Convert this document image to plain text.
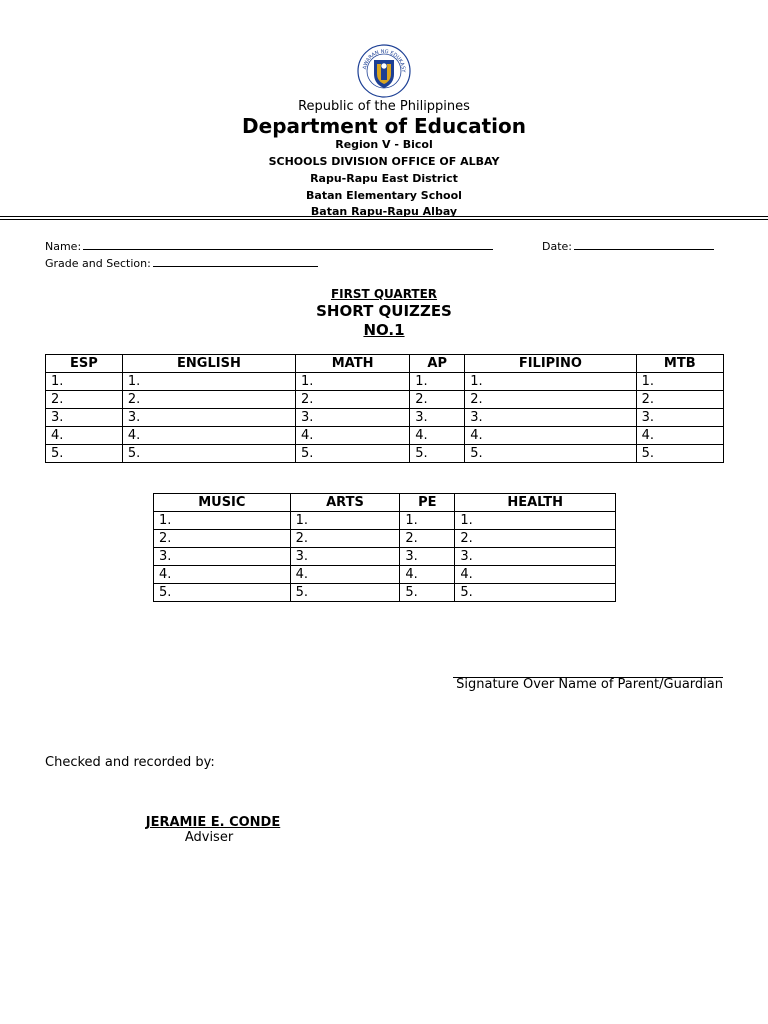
AWARAN NG EDUKASY
Republic of the Philippines
Department of Education
Region V - Bicol
SCHOOLS DIVISION OFFICE OF ALBAY
Rapu-Rapu East District
Batan Elementary School
Batan Rapu-Rapu Albay
Name:	Date:
Grade and Section:
FIRST QUARTER
SHORT QUIZZES
NO.1
ESP	ENGLISH	MATH	AP	FILIPINO	MTB
1.	1.	1.	1.	1.	1.
2.	2.	2.	2.	2.	2.
3.	3.	3.	3.	3.	3.
4.	4.	4.	4.	4.	4.
5.	5.	5.	5.	5.	5.
MUSIC	ARTS	PE	HEALTH
1.	1.	1.	1.
2.	2.	2.	2.
3.	3.	3.	3.
4.	4.	4.	4.
5.	5.	5.	5.
Signature Over Name of Parent/Guardian
Checked and recorded by:
JERAMIE E. CONDE
Adviser
